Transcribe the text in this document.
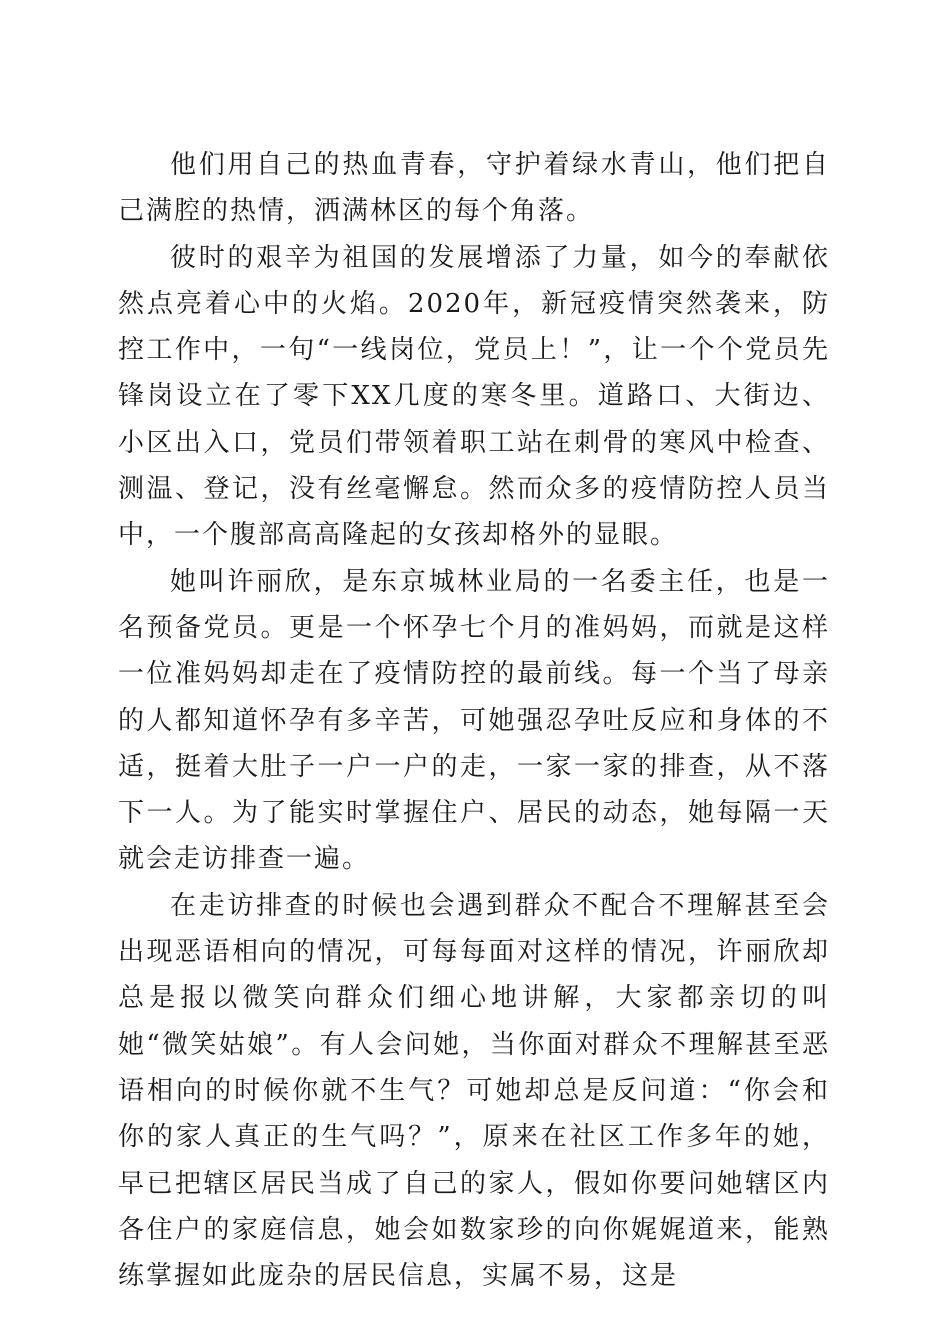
他们用自己的热血青春，守护着绿水青山，他们把自己满腔的热情，洒满林区的每个角落。

彼时的艰辛为祖国的发展增添了力量，如今的奉献依然点亮着心中的火焰。2020年，新冠疫情突然袭来，防控工作中，一句“一线岗位，党员上！”，让一个个党员先锋岗设立在了零下XX几度的寒冬里。道路口、大街边、小区出入口，党员们带领着职工站在刺骨的寒风中检查、测温、登记，没有丝毫懈怠。然而众多的疫情防控人员当中，一个腹部高高隆起的女孩却格外的显眼。

她叫许丽欣，是东京城林业局的一名委主任，也是一名预备党员。更是一个怀孕七个月的准妈妈，而就是这样一位准妈妈却走在了疫情防控的最前线。每一个当了母亲的人都知道怀孕有多辛苦，可她强忍孕吐反应和身体的不适，挺着大肚子一户一户的走，一家一家的排查，从不落下一人。为了能实时掌握住户、居民的动态，她每隔一天就会走访排查一遍。

在走访排查的时候也会遇到群众不配合不理解甚至会出现恶语相向的情况，可每每面对这样的情况，许丽欣却总是报以微笑向群众们细心地讲解，大家都亲切的叫她“微笑姑娘”。有人会问她，当你面对群众不理解甚至恶语相向的时候你就不生气？可她却总是反问道：“你会和你的家人真正的生气吗？”，原来在社区工作多年的她，早已把辖区居民当成了自己的家人，假如你要问她辖区内各住户的家庭信息，她会如数家珍的向你娓娓道来，能熟练掌握如此庞杂的居民信息，实属不易，这是
